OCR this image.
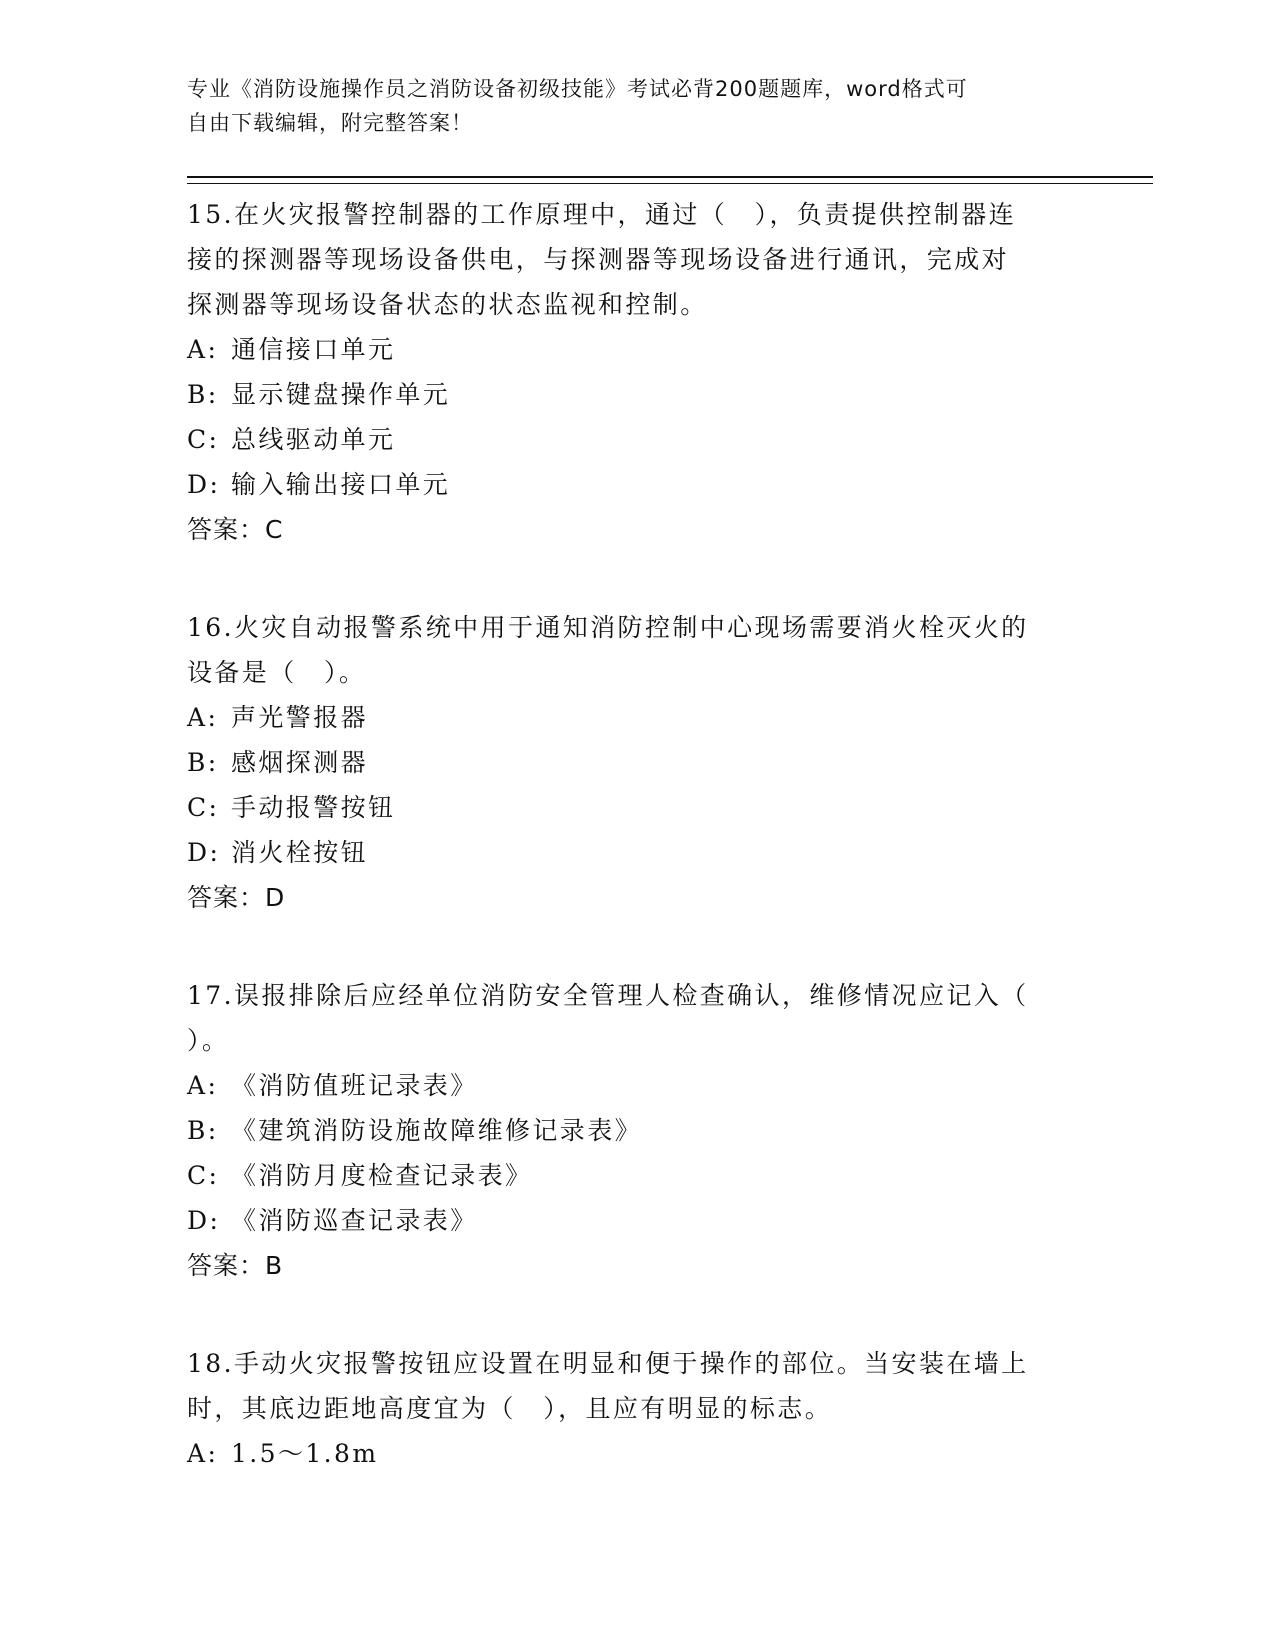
专业《消防设施操作员之消防设备初级技能》考试必背200题题库，word格式可
自由下载编辑，附完整答案！
15.在火灾报警控制器的工作原理中，通过（　），负责提供控制器连
接的探测器等现场设备供电，与探测器等现场设备进行通讯，完成对
探测器等现场设备状态的状态监视和控制。
A: 通信接口单元
B: 显示键盘操作单元
C: 总线驱动单元
D: 输入输出接口单元
答案：C
16.火灾自动报警系统中用于通知消防控制中心现场需要消火栓灭火的
设备是（　）。
A: 声光警报器
B: 感烟探测器
C: 手动报警按钮
D: 消火栓按钮
答案：D
17.误报排除后应经单位消防安全管理人检查确认，维修情况应记入（
）。
A: 《消防值班记录表》
B: 《建筑消防设施故障维修记录表》
C: 《消防月度检查记录表》
D: 《消防巡查记录表》
答案：B
18.手动火灾报警按钮应设置在明显和便于操作的部位。当安装在墙上
时，其底边距地高度宜为（　），且应有明显的标志。
A: 1.5～1.8m
